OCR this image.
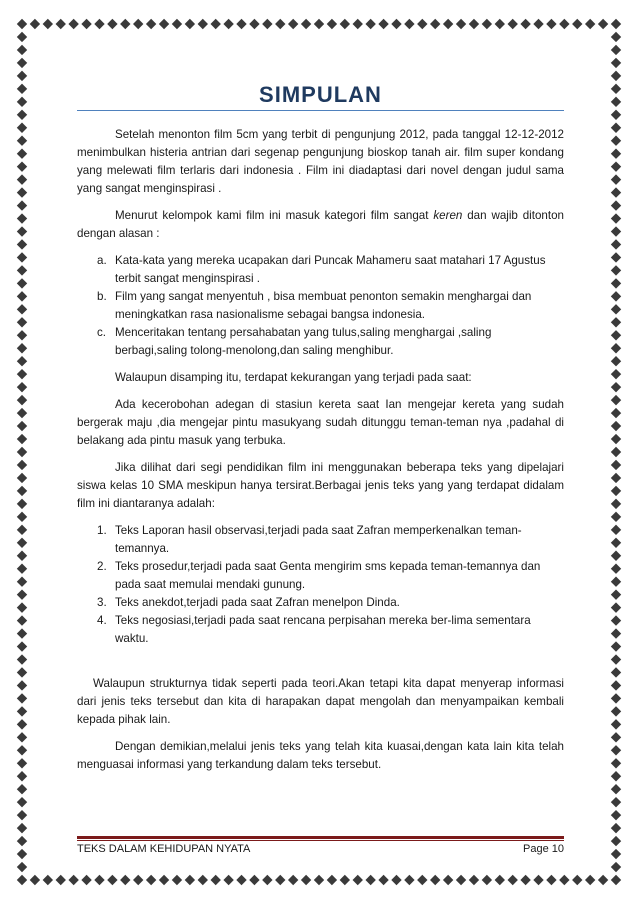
SIMPULAN

Setelah menonton film 5cm yang terbit di pengunjung 2012, pada tanggal 12-12-2012 menimbulkan histeria antrian dari segenap pengunjung bioskop tanah air. film super kondang yang melewati film terlaris dari indonesia . Film ini diadaptasi dari novel dengan judul sama yang sangat menginspirasi .

Menurut kelompok kami film ini masuk kategori film sangat keren dan wajib ditonton dengan alasan :

a. Kata-kata yang mereka ucapakan dari Puncak Mahameru saat matahari 17 Agustus terbit sangat menginspirasi .
b. Film yang sangat menyentuh , bisa membuat penonton semakin menghargai dan meningkatkan rasa nasionalisme sebagai bangsa indonesia.
c. Menceritakan tentang persahabatan yang tulus,saling menghargai ,saling berbagi,saling tolong-menolong,dan saling menghibur.

Walaupun disamping itu, terdapat kekurangan yang terjadi pada saat:

Ada kecerobohan adegan di stasiun kereta saat Ian mengejar kereta yang sudah bergerak maju ,dia mengejar pintu masukyang sudah ditunggu teman-teman nya ,padahal di belakang ada pintu masuk yang terbuka.

Jika dilihat dari segi pendidikan film ini menggunakan beberapa teks yang dipelajari siswa kelas 10 SMA meskipun hanya tersirat.Berbagai jenis teks yang yang terdapat didalam film ini diantaranya adalah:

1. Teks Laporan hasil observasi,terjadi pada saat Zafran memperkenalkan teman-temannya.
2. Teks prosedur,terjadi pada saat Genta mengirim sms kepada teman-temannya dan pada saat memulai mendaki gunung.
3. Teks anekdot,terjadi pada saat Zafran menelpon Dinda.
4. Teks negosiasi,terjadi pada saat rencana perpisahan mereka ber-lima sementara waktu.

Walaupun strukturnya tidak seperti pada teori.Akan tetapi kita dapat menyerap informasi dari jenis teks tersebut dan kita di harapakan dapat mengolah dan menyampaikan kembali kepada pihak lain.

Dengan demikian,melalui jenis teks yang telah kita kuasai,dengan kata lain kita telah menguasai informasi yang terkandung dalam teks tersebut.

TEKS DALAM KEHIDUPAN NYATA	Page 10
